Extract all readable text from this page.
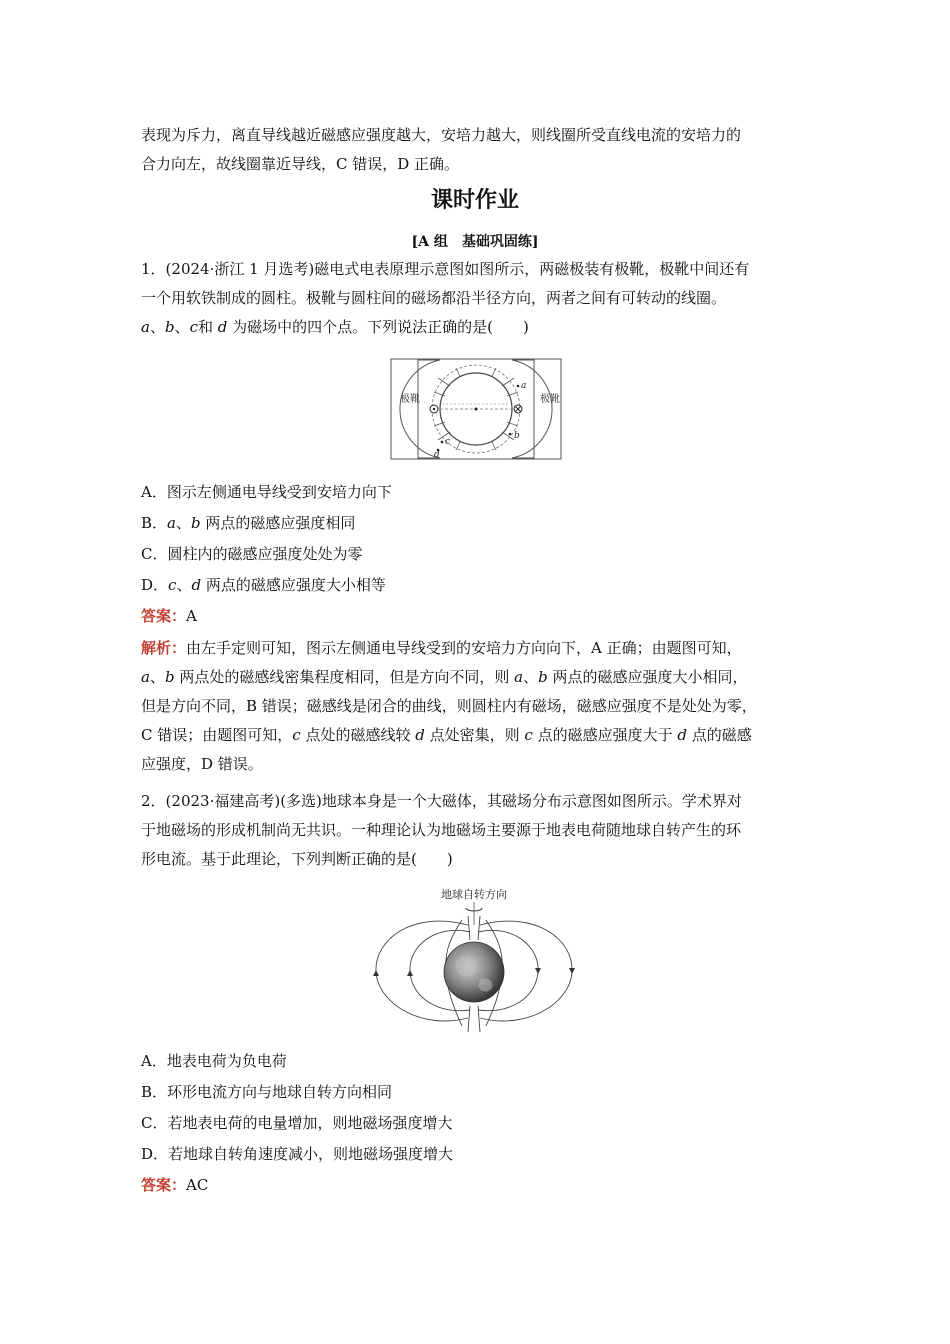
表现为斥力，离直导线越近磁感应强度越大，安培力越大，则线圈所受直线电流的安培力的
合力向左，故线圈靠近导线，C 错误，D 正确。
课时作业
[A 组　基础巩固练]
1．(2024·浙江 1 月选考)磁电式电表原理示意图如图所示，两磁极装有极靴，极靴中间还有
一个用软铁制成的圆柱。极靴与圆柱间的磁场都沿半径方向，两者之间有可转动的线圈。
a、b、c和 d 为磁场中的四个点。下列说法正确的是(　　)
极靴	极靴
a
b
c
d
A．图示左侧通电导线受到安培力向下
B．a、b 两点的磁感应强度相同
C．圆柱内的磁感应强度处处为零
D．c、d 两点的磁感应强度大小相等
答案：A
解析：由左手定则可知，图示左侧通电导线受到的安培力方向向下，A 正确；由题图可知，
a、b 两点处的磁感线密集程度相同，但是方向不同，则 a、b 两点的磁感应强度大小相同，
但是方向不同，B 错误；磁感线是闭合的曲线，则圆柱内有磁场，磁感应强度不是处处为零，
C 错误；由题图可知，c 点处的磁感线较 d 点处密集，则 c 点的磁感应强度大于 d 点的磁感
应强度，D 错误。
2．(2023·福建高考)(多选)地球本身是一个大磁体，其磁场分布示意图如图所示。学术界对
于地磁场的形成机制尚无共识。一种理论认为地磁场主要源于地表电荷随地球自转产生的环
形电流。基于此理论，下列判断正确的是(　　)
地球自转方向
A．地表电荷为负电荷
B．环形电流方向与地球自转方向相同
C．若地表电荷的电量增加，则地磁场强度增大
D．若地球自转角速度减小，则地磁场强度增大
答案：AC
